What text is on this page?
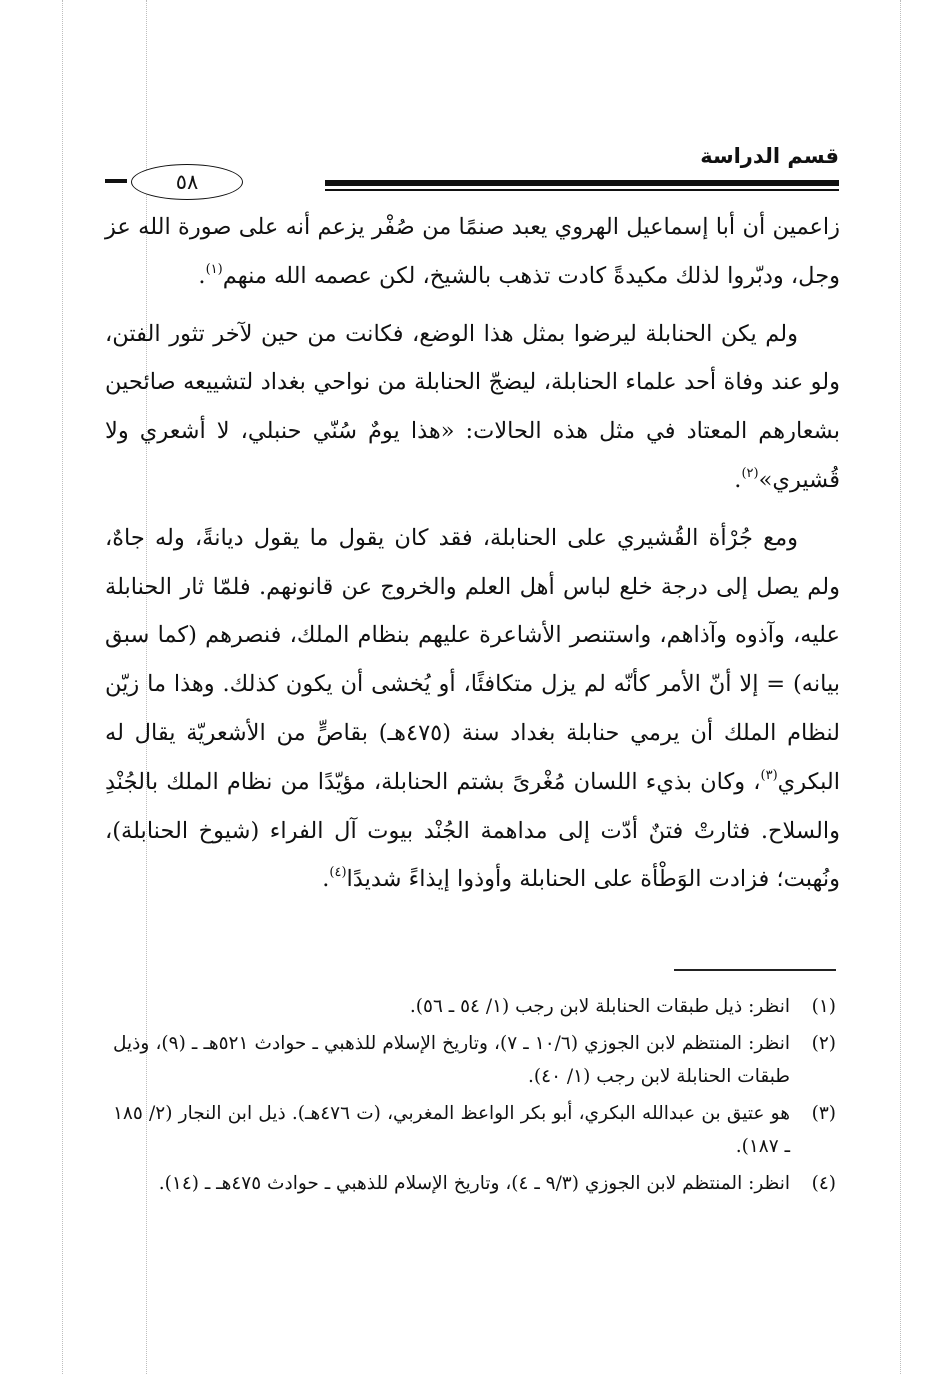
قسم الدراسة
٥٨

زاعمين أن أبا إسماعيل الهروي يعبد صنمًا من صُفْر يزعم أنه على صورة الله عز وجل، ودبّروا لذلك مكيدةً كادت تذهب بالشيخ، لكن عصمه الله منهم$^{(١)}$.

ولم يكن الحنابلة ليرضوا بمثل هذا الوضع، فكانت من حين لآخر تثور الفتن، ولو عند وفاة أحد علماء الحنابلة، ليضجّ الحنابلة من نواحي بغداد لتشييعه صائحين بشعارهم المعتاد في مثل هذه الحالات: «هذا يومٌ سُنّي حنبلي، لا أشعري ولا قُشيري»$^{(٢)}$.

ومع جُرْأة القُشيري على الحنابلة، فقد كان يقول ما يقول ديانةً، وله جاهٌ، ولم يصل إلى درجة خلع لباس أهل العلم والخروج عن قانونهم. فلمّا ثار الحنابلة عليه، وآذوه وآذاهم، واستنصر الأشاعرة عليهم بنظام الملك، فنصرهم (كما سبق بيانه) = إلا أنّ الأمر كأنّه لم يزل متكافئًا، أو يُخشى أن يكون كذلك. وهذا ما زيّن لنظام الملك أن يرمي حنابلة بغداد سنة (٤٧٥هـ) بقاصٍّ من الأشعريّة يقال له البكري$^{(٣)}$، وكان بذيء اللسان مُغْرىً بشتم الحنابلة، مؤيّدًا من نظام الملك بالجُنْدِ والسلاح. فثارتْ فتنٌ أدّت إلى مداهمة الجُنْد بيوت آل الفراء (شيوخ الحنابلة)، ونُهبت؛ فزادت الوَطْأة على الحنابلة وأوذوا إيذاءً شديدًا$^{(٤)}$.

(١)
انظر: ذيل طبقات الحنابلة لابن رجب (١/ ٥٤ ـ ٥٦).
(٢)
انظر: المنتظم لابن الجوزي (١٠/٦ ـ ٧)، وتاريخ الإسلام للذهبي ـ حوادث ٥٢١هـ ـ (٩)، وذيل طبقات الحنابلة لابن رجب (١/ ٤٠).
(٣)
هو عتيق بن عبدالله البكري، أبو بكر الواعظ المغربي، (ت ٤٧٦هـ). ذيل ابن النجار (٢/ ١٨٥ ـ ١٨٧).
(٤)
انظر: المنتظم لابن الجوزي (٩/٣ ـ ٤)، وتاريخ الإسلام للذهبي ـ حوادث ٤٧٥هـ ـ (١٤).
